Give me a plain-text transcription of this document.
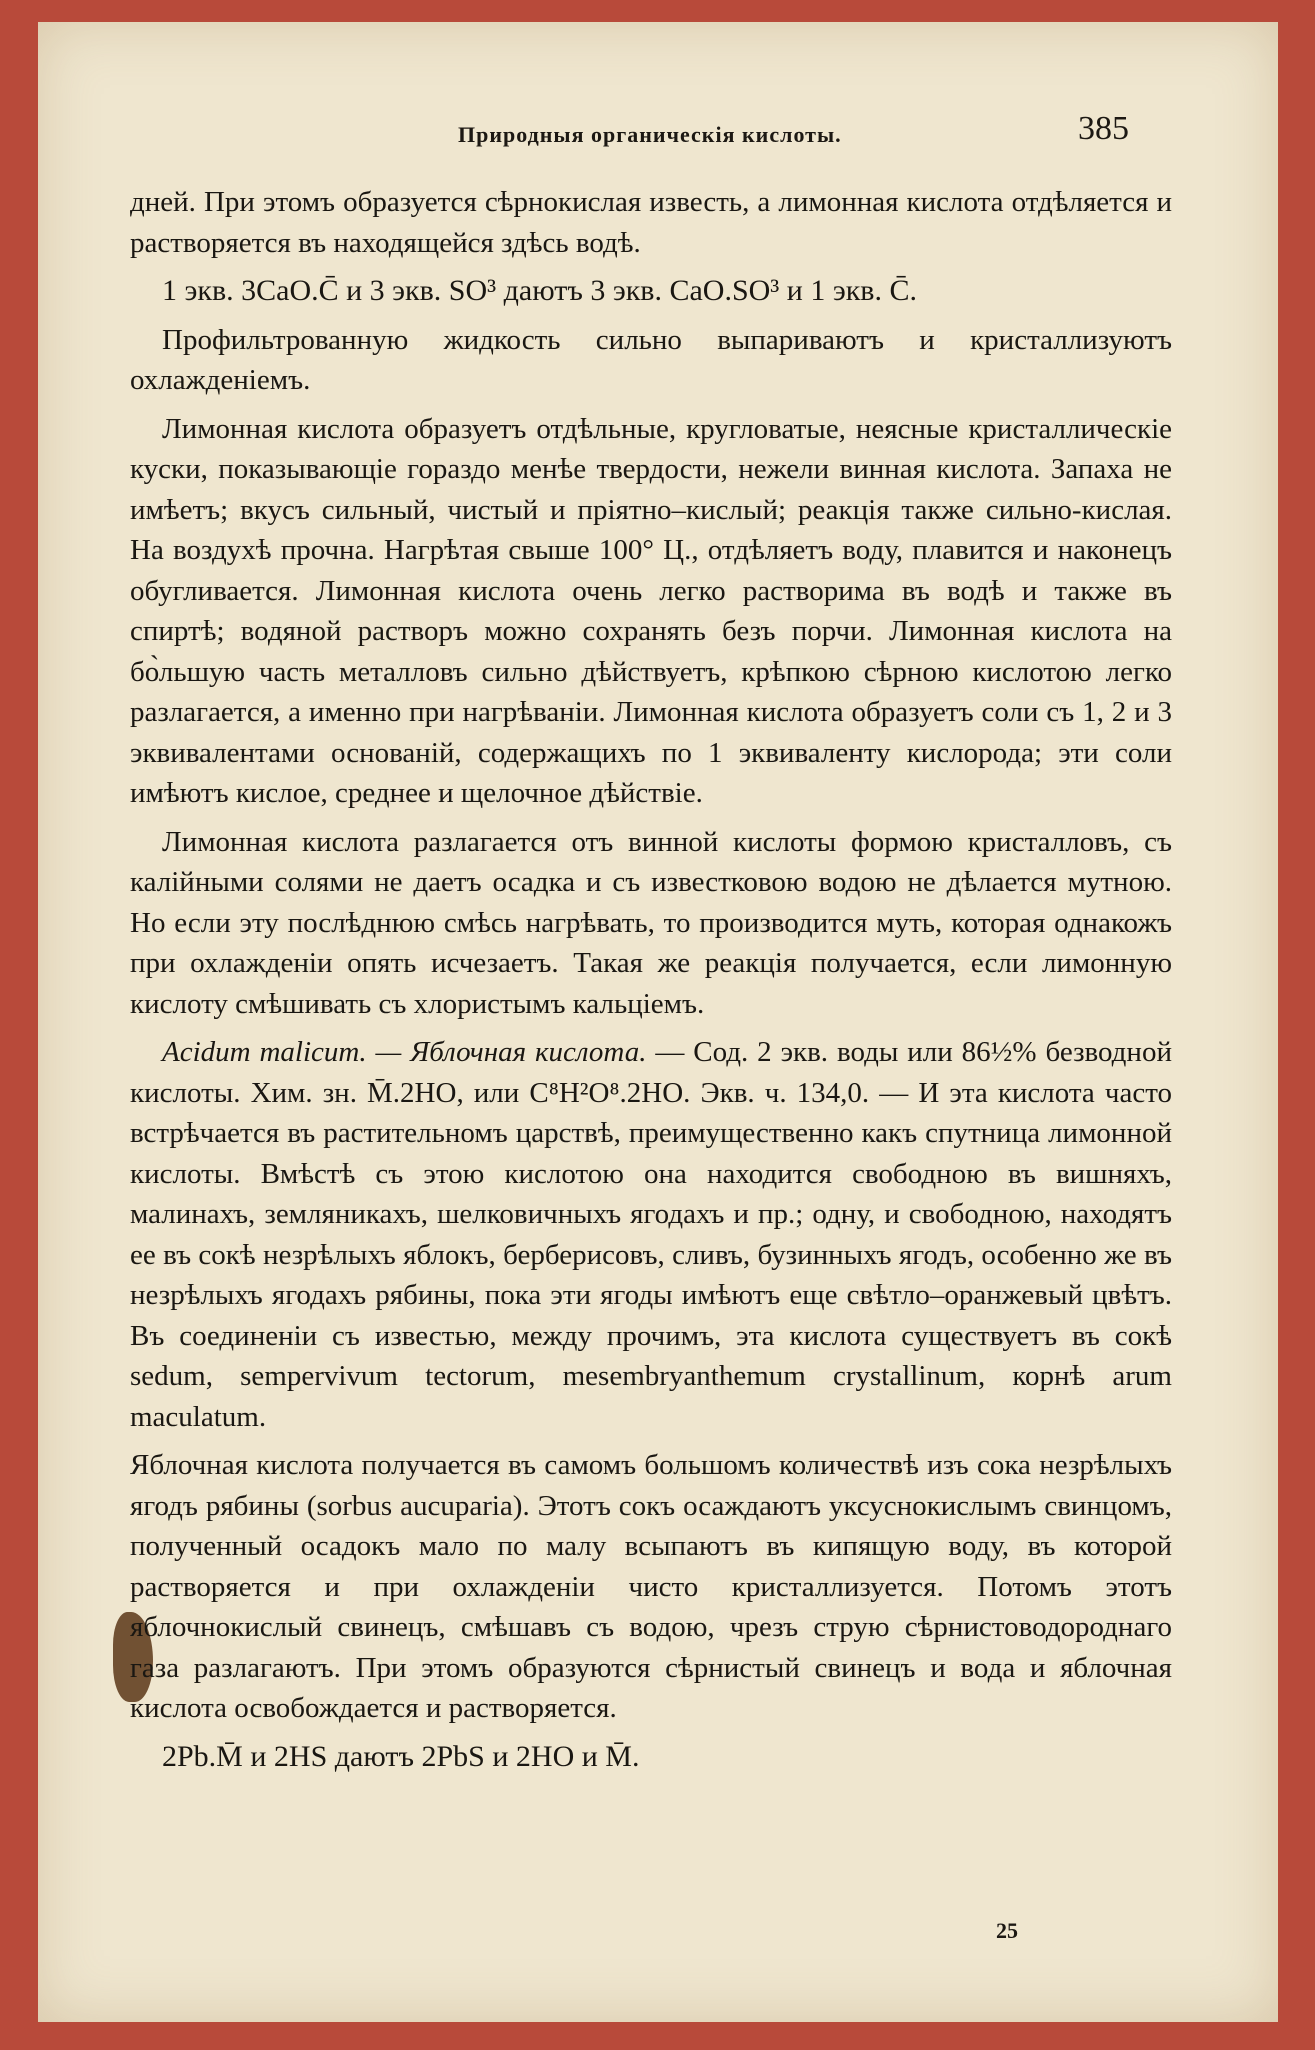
Природныя органическія кислоты.	385

дней. При этомъ образуется сѣрнокислая известь, а лимонная кислота отдѣляется и растворяется въ находящейся здѣсь водѣ.

1 экв. 3CaO.C̄ и 3 экв. SO³ даютъ 3 экв. CaO.SO³ и 1 экв. C̄.

Профильтрованную жидкость сильно выпариваютъ и кристаллизуютъ охлажденіемъ.

Лимонная кислота образуетъ отдѣльные, кругловатые, неясные кристаллическіе куски, показывающіе гораздо менѣе твердости, нежели винная кислота. Запаха не имѣетъ; вкусъ сильный, чистый и пріятно–кислый; реакція также сильно-кислая. На воздухѣ прочна. Нагрѣтая свыше 100° Ц., отдѣляетъ воду, плавится и наконецъ обугливается. Лимонная кислота очень легко растворима въ водѣ и также въ спиртѣ; водяной растворъ можно сохранять безъ порчи. Лимонная кислота на бо̀льшую часть металловъ сильно дѣйствуетъ, крѣпкою сѣрною кислотою легко разлагается, а именно при нагрѣваніи. Лимонная кислота образуетъ соли съ 1, 2 и 3 эквивалентами основаній, содержащихъ по 1 эквиваленту кислорода; эти соли имѣютъ кислое, среднее и щелочное дѣйствіе.

Лимонная кислота разлагается отъ винной кислоты формою кристалловъ, съ калійными солями не даетъ осадка и съ известковою водою не дѣлается мутною. Но если эту послѣднюю смѣсь нагрѣвать, то производится муть, которая однакожъ при охлажденіи опять исчезаетъ. Такая же реакція получается, если лимонную кислоту смѣшивать съ хлористымъ кальціемъ.

Acidum malicum. — Яблочная кислота. — Сод. 2 экв. воды или 86½% безводной кислоты. Хим. зн. M̄.2HO, или C⁸H²O⁸.2HO. Экв. ч. 134,0. — И эта кислота часто встрѣчается въ растительномъ царствѣ, преимущественно какъ спутница лимонной кислоты. Вмѣстѣ съ этою кислотою она находится свободною въ вишняхъ, малинахъ, земляникахъ, шелковичныхъ ягодахъ и пр.; одну, и свободною, находятъ ее въ сокѣ незрѣлыхъ яблокъ, берберисовъ, сливъ, бузинныхъ ягодъ, особенно же въ незрѣлыхъ ягодахъ рябины, пока эти ягоды имѣютъ еще свѣтло–оранжевый цвѣтъ. Въ соединеніи съ известью, между прочимъ, эта кислота существуетъ въ сокѣ sedum, sempervivum tectorum, mesembryanthemum crystallinum, корнѣ arum maculatum.

Яблочная кислота получается въ самомъ большомъ количествѣ изъ сока незрѣлыхъ ягодъ рябины (sorbus aucuparia). Этотъ сокъ осаждаютъ уксуснокислымъ свинцомъ, полученный осадокъ мало по малу всыпаютъ въ кипящую воду, въ которой растворяется и при охлажденіи чисто кристаллизуется. Потомъ этотъ яблочнокислый свинецъ, смѣшавъ съ водою, чрезъ струю сѣрнистоводороднаго газа разлагаютъ. При этомъ образуются сѣрнистый свинецъ и вода и яблочная кислота освобождается и растворяется.

2Pb.M̄ и 2HS даютъ 2PbS и 2HO и M̄.

25
